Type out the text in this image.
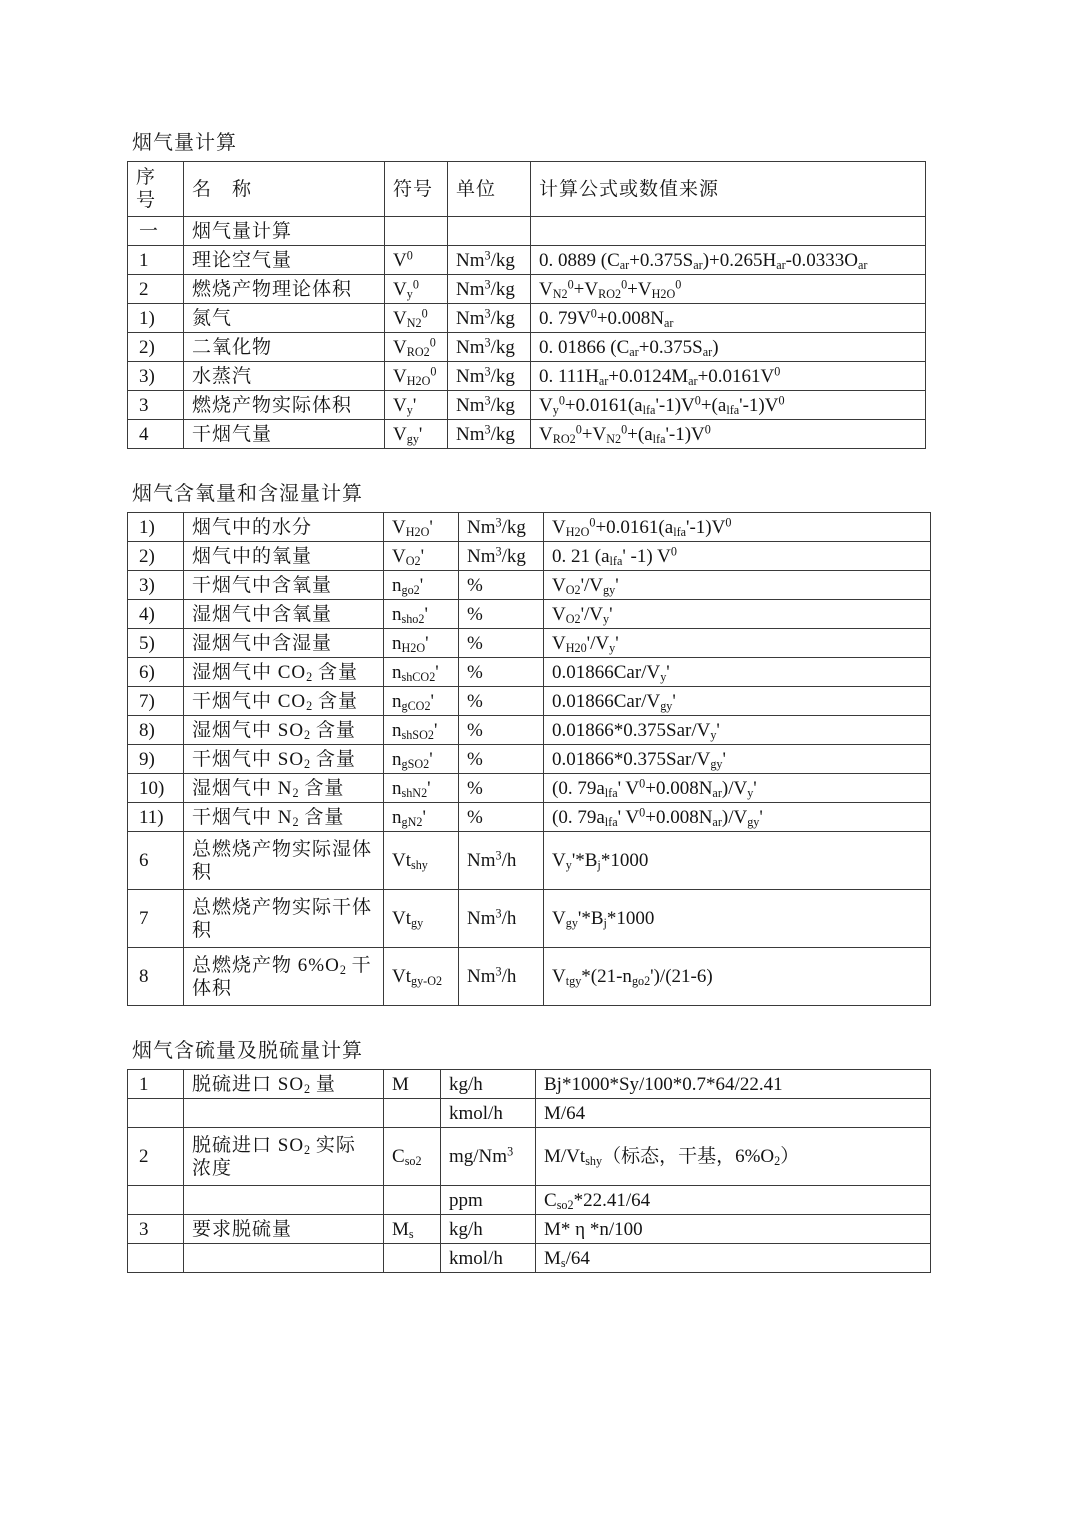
烟气量计算
序号	名　称	符号	单位	计算公式或数值来源
一	烟气量计算			
1	理论空气量	$V^0$	Nm$^3$/kg	0. 0889 $(C_{ar}+0.375S_{ar})+0.265H_{ar}-0.0333O_{ar}$
2	燃烧产物理论体积	$V_y^0$	Nm$^3$/kg	$V_{N2}^0+V_{RO2}^0+V_{H2O}^0$
1)	氮气	$V_{N2}^0$	Nm$^3$/kg	0. $79V^0+0.008N_{ar}$
2)	二氧化物	$V_{RO2}^0$	Nm$^3$/kg	0. 01866 $(C_{ar}+0.375S_{ar})$
3)	水蒸汽	$V_{H2O}^0$	Nm$^3$/kg	0. $111H_{ar}+0.0124M_{ar}+0.0161V^0$
3	燃烧产物实际体积	$V_y'$	Nm$^3$/kg	$V_y^0+0.0161(a_{lfa}'-1)V^0+(a_{lfa}'-1)V^0$
4	干烟气量	$V_{gy}'$	Nm$^3$/kg	$V_{RO2}^0+V_{N2}^0+(a_{lfa}'-1)V^0$
烟气含氧量和含湿量计算
1)	烟气中的水分	$V_{H2O}'$	Nm$^3$/kg	$V_{H2O}^0+0.0161(a_{lfa}'-1)V^0$
2)	烟气中的氧量	$V_{O2}'$	Nm$^3$/kg	0. 21 ($a_{lfa}'$ -1) $V^0$
3)	干烟气中含氧量	$n_{go2}'$	%	$V_{O2}'/V_{gy}'$
4)	湿烟气中含氧量	$n_{sho2}'$	%	$V_{O2}'/V_y'$
5)	湿烟气中含湿量	$n_{H2O}'$	%	$V_{H20}'/V_y'$
6)	湿烟气中 $CO_2$ 含量	$n_{shCO2}'$	%	$0.01866Car/V_y'$
7)	干烟气中 $CO_2$ 含量	$n_{gCO2}'$	%	$0.01866Car/V_{gy}'$
8)	湿烟气中 $SO_2$ 含量	$n_{shSO2}'$	%	$0.01866*0.375Sar/V_y'$
9)	干烟气中 $SO_2$ 含量	$n_{gSO2}'$	%	$0.01866*0.375Sar/V_{gy}'$
10)	湿烟气中 $N_2$ 含量	$n_{shN2}'$	%	(0. $79a_{lfa}'$ $V^0+0.008N_{ar})/V_y'$
11)	干烟气中 $N_2$ 含量	$n_{gN2}'$	%	(0. $79a_{lfa}'$ $V^0+0.008N_{ar})/V_{gy}'$
6	总燃烧产物实际湿体积	$Vt_{shy}$	Nm$^3$/h	$V_y'*B_j*1000$
7	总燃烧产物实际干体积	$Vt_{gy}$	Nm$^3$/h	$V_{gy}'*B_j*1000$
8	总燃烧产物 $6\%O_2$ 干体积	$Vt_{gy-O2}$	Nm$^3$/h	$V_{tgy}*(21-n_{go2}')/(21-6)$
烟气含硫量及脱硫量计算
1	脱硫进口 $SO_2$ 量	M	kg/h	Bj*1000*Sy/100*0.7*64/22.41
			kmol/h	M/64
2	脱硫进口 $SO_2$ 实际浓度	$C_{so2}$	mg/Nm$^3$	$M/Vt_{shy}$（标态，干基，$6\%O_2$）
			ppm	$C_{so2}*22.41/64$
3	要求脱硫量	$M_s$	kg/h	M* η *n/100
			kmol/h	$M_s/64$
